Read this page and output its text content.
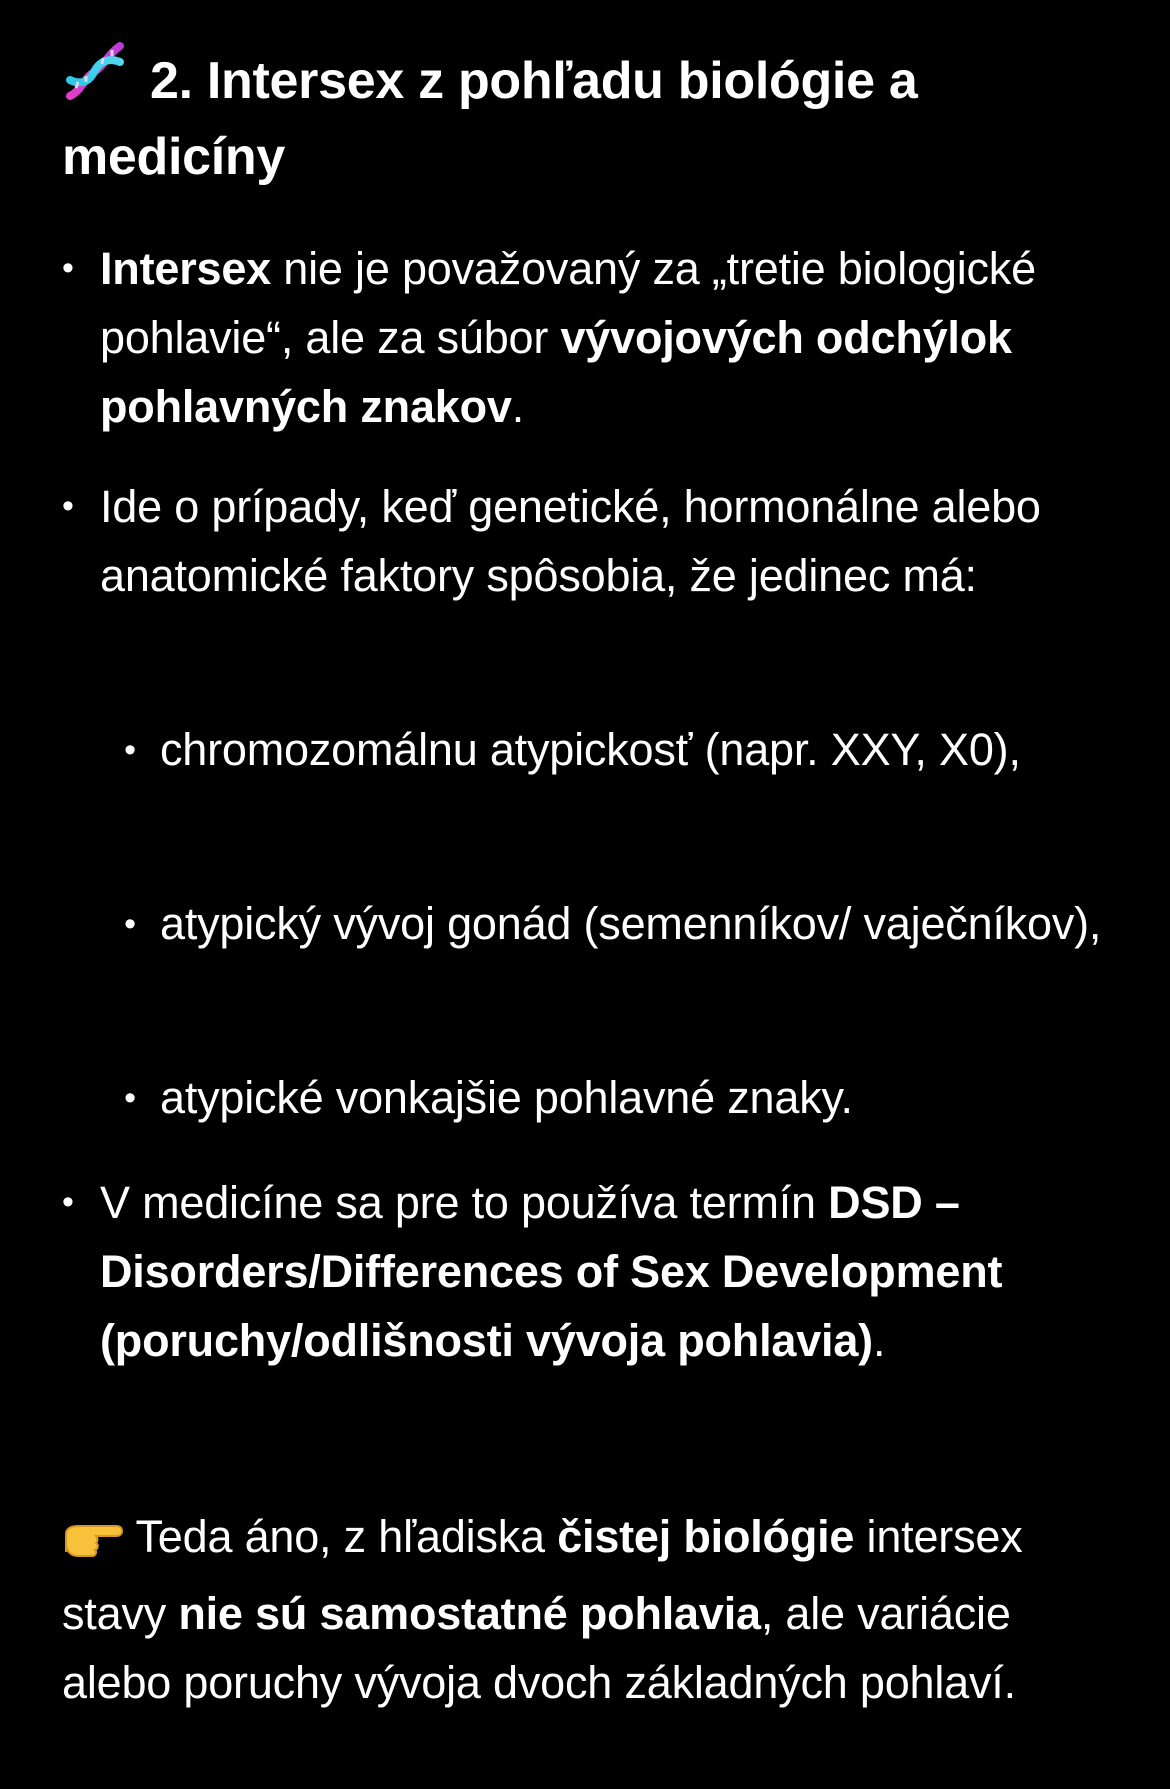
2. Intersex z pohľadu biológie a medicíny
• Intersex nie je považovaný za „tretie biologické pohlavie“, ale za súbor vývojových odchýlok pohlavných znakov.
• Ide o prípady, keď genetické, hormonálne alebo anatomické faktory spôsobia, že jedinec má:
• chromozomálnu atypickosť (napr. XXY, X0),
• atypický vývoj gonád (semenníkov/ vaječníkov),
• atypické vonkajšie pohlavné znaky.
• V medicíne sa pre to používa termín DSD – Disorders/Differences of Sex Development (poruchy/odlišnosti vývoja pohlavia).

Teda áno, z hľadiska čistej biológie intersex stavy nie sú samostatné pohlavia, ale variácie alebo poruchy vývoja dvoch základných pohlaví.
